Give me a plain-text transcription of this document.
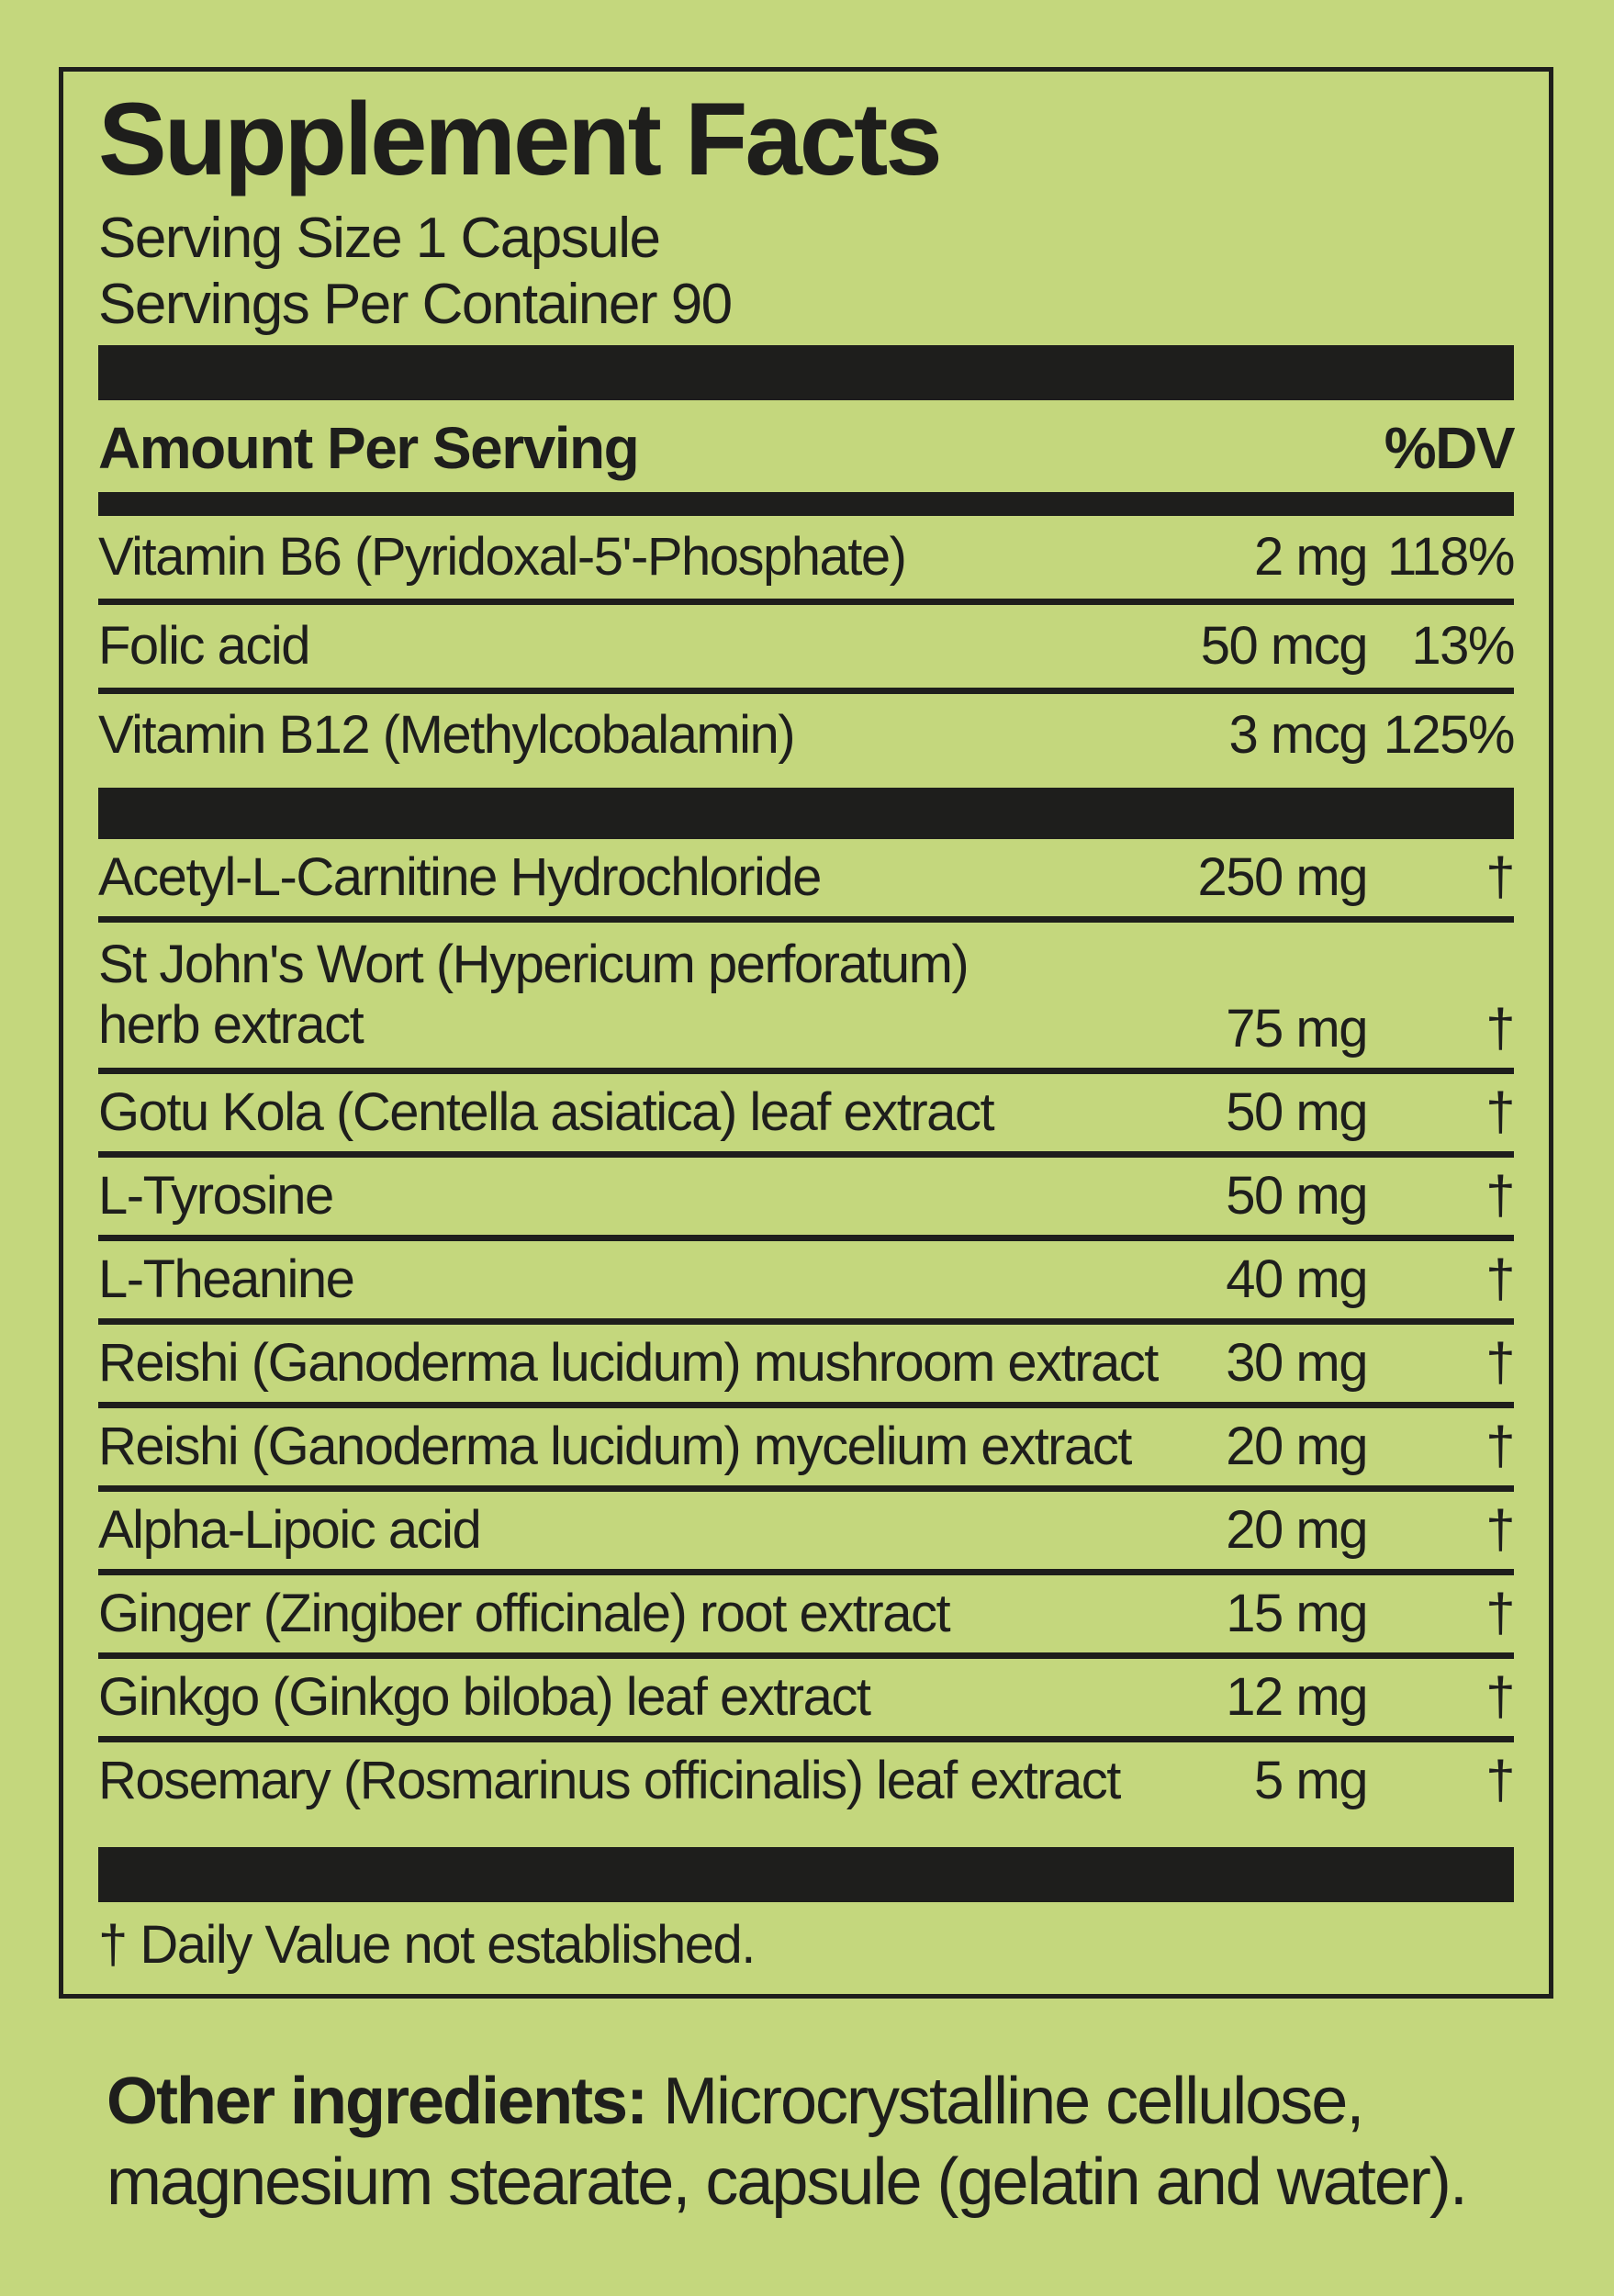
Supplement Facts
Serving Size 1 Capsule
Servings Per Container 90
Amount Per Serving	%DV
Vitamin B6 (Pyridoxal-5'-Phosphate)	2 mg 118%
Folic acid	50 mcg 13%
Vitamin B12 (Methylcobalamin)	3 mcg 125%
Acetyl-L-Carnitine Hydrochloride	250 mg	†
St John's Wort (Hypericum perforatum)
herb extract	75 mg	†
Gotu Kola (Centella asiatica) leaf extract	50 mg	†
L-Tyrosine	50 mg	†
L-Theanine	40 mg	†
Reishi (Ganoderma lucidum) mushroom extract	30 mg	†
Reishi (Ganoderma lucidum) mycelium extract	20 mg	†
Alpha-Lipoic acid	20 mg	†
Ginger (Zingiber officinale) root extract	15 mg	†
Ginkgo (Ginkgo biloba) leaf extract	12 mg	†
Rosemary (Rosmarinus officinalis) leaf extract	5 mg	†
† Daily Value not established.
Other ingredients: Microcrystalline cellulose,
magnesium stearate, capsule (gelatin and water).
